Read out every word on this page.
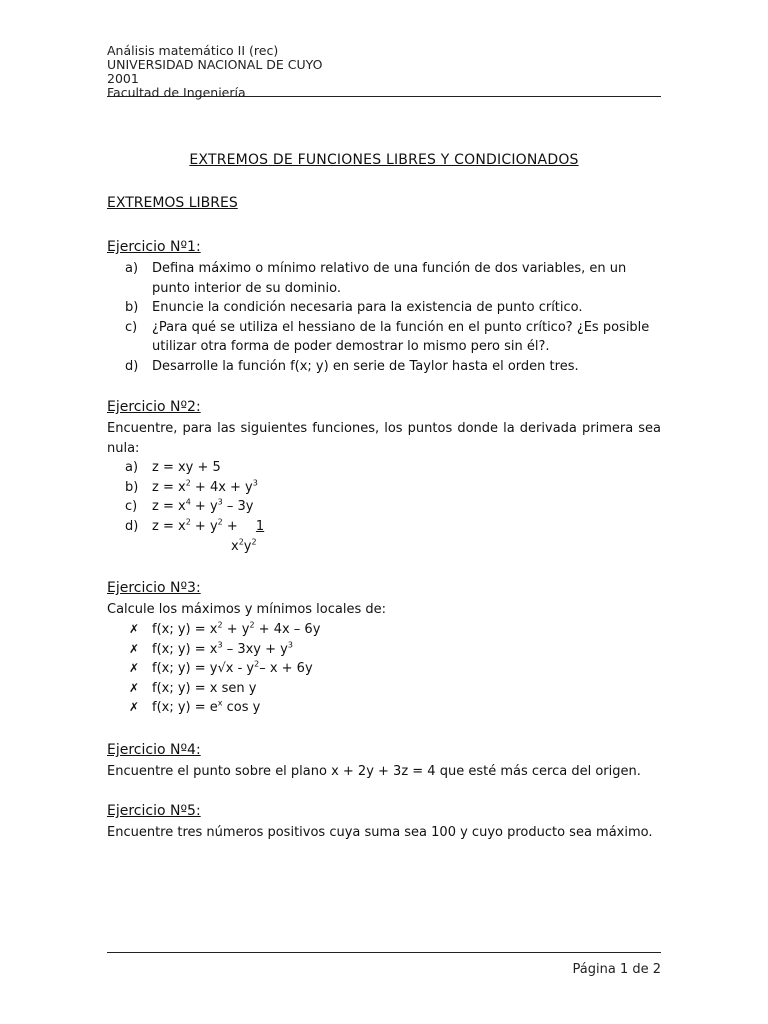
Análisis matemático II (rec)
UNIVERSIDAD NACIONAL DE CUYO
2001
Facultad de Ingeniería
EXTREMOS DE FUNCIONES LIBRES Y CONDICIONADOS
EXTREMOS LIBRES
Ejercicio Nº1:
a) Defina máximo o mínimo relativo de una función de dos variables, en un punto interior de su dominio.
b) Enuncie la condición necesaria para la existencia de punto crítico.
c) ¿Para qué se utiliza el hessiano de la función en el punto crítico? ¿Es posible utilizar otra forma de poder demostrar lo mismo pero sin él?.
d) Desarrolle la función f(x; y) en serie de Taylor hasta el orden tres.
Ejercicio Nº2:
Encuentre, para las siguientes funciones, los puntos donde la derivada primera sea nula:
a) z = xy + 5
b) $z = x^2 + 4x + y^3$
c) $z = x^4 + y^3 - 3y$
d) $z = x^2 + y^2 + 1$
$x^2y^2$
Ejercicio Nº3:
Calcule los máximos y mínimos locales de:
✗ f(x; $y) = x^2 + y^2 + 4x - 6y$
✗ f(x; $y) = x^3 - 3xy + y^3$
✗ f(x; $y) = y√x - y^2-$ x + 6y
✗ f(x; y) = x sen y
✗ f(x; $y) = e^x$ cos y
Ejercicio Nº4:
Encuentre el punto sobre el plano x + 2y + 3z = 4 que esté más cerca del origen.
Ejercicio Nº5:
Encuentre tres números positivos cuya suma sea 100 y cuyo producto sea máximo.
Página 1 de 2
